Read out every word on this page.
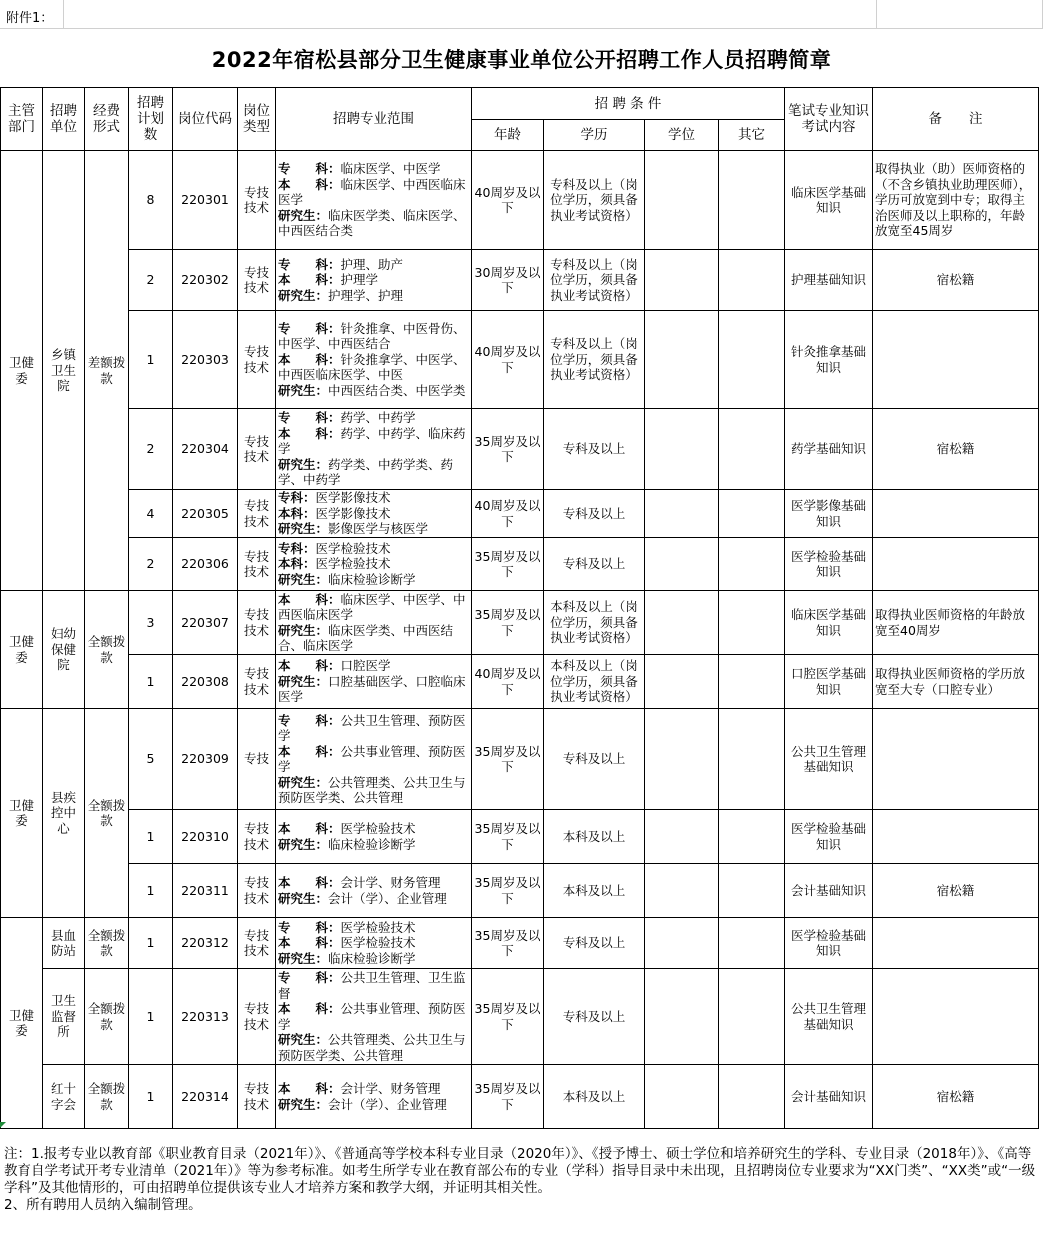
附件1：
2022年宿松县部分卫生健康事业单位公开招聘工作人员招聘简章
主管部门	招聘单位	经费形式	招聘计划数	岗位代码	岗位类型	招聘专业范围	招 聘 条 件				笔试专业知识考试内容	备　　注
							年龄	学历	学位	其它		
卫健委	乡镇卫生院	差额拨款	8	220301	专技技术	专　　科：临床医学、中医学
本　　科：临床医学、中西医临床医学
研究生：临床医学类、临床医学、中西医结合类	40周岁及以下	专科及以上（岗位学历，须具备执业考试资格）			临床医学基础知识	取得执业（助）医师资格的（不含乡镇执业助理医师），学历可放宽到中专；取得主治医师及以上职称的，年龄放宽至45周岁
			2	220302	专技技术	专　　科：护理、助产
本　　科：护理学
研究生：护理学、护理	30周岁及以下	专科及以上（岗位学历，须具备执业考试资格）			护理基础知识	宿松籍
			1	220303	专技技术	专　　科：针灸推拿、中医骨伤、中医学、中西医结合
本　　科：针灸推拿学、中医学、中西医临床医学、中医
研究生：中西医结合类、中医学类	40周岁及以下	专科及以上（岗位学历，须具备执业考试资格）			针灸推拿基础知识	
			2	220304	专技技术	专　　科：药学、中药学
本　　科：药学、中药学、临床药学
研究生：药学类、中药学类、药学、中药学	35周岁及以下	专科及以上			药学基础知识	宿松籍
			4	220305	专技技术	专科：医学影像技术
本科：医学影像技术
研究生：影像医学与核医学	40周岁及以下	专科及以上			医学影像基础知识	
			2	220306	专技技术	专科：医学检验技术
本科：医学检验技术
研究生：临床检验诊断学	35周岁及以下	专科及以上			医学检验基础知识	
卫健委	妇幼保健院	全额拨款	3	220307	专技技术	本　　科：临床医学、中医学、中西医临床医学
研究生：临床医学类、中西医结合、临床医学	35周岁及以下	本科及以上（岗位学历，须具备执业考试资格）			临床医学基础知识	取得执业医师资格的年龄放宽至40周岁
			1	220308	专技技术	本　　科：口腔医学
研究生：口腔基础医学、口腔临床医学	40周岁及以下	本科及以上（岗位学历，须具备执业考试资格）			口腔医学基础知识	取得执业医师资格的学历放宽至大专（口腔专业）
卫健委	县疾控中心	全额拨款	5	220309	专技	专　　科：公共卫生管理、预防医学
本　　科：公共事业管理、预防医学
研究生：公共管理类、公共卫生与预防医学类、公共管理	35周岁及以下	专科及以上			公共卫生管理基础知识	
			1	220310	专技技术	本　　科：医学检验技术
研究生：临床检验诊断学	35周岁及以下	本科及以上			医学检验基础知识	
			1	220311	专技技术	本　　科：会计学、财务管理
研究生：会计（学）、企业管理	35周岁及以下	本科及以上			会计基础知识	宿松籍
卫健委	县血防站	全额拨款	1	220312	专技技术	专　　科：医学检验技术
本　　科：医学检验技术
研究生：临床检验诊断学	35周岁及以下	专科及以上			医学检验基础知识	
	卫生监督所	全额拨款	1	220313	专技技术	专　　科：公共卫生管理、卫生监督
本　　科：公共事业管理、预防医学
研究生：公共管理类、公共卫生与预防医学类、公共管理	35周岁及以下	专科及以上			公共卫生管理基础知识	
	红十字会	全额拨款	1	220314	专技技术	本　　科：会计学、财务管理
研究生：会计（学）、企业管理	35周岁及以下	本科及以上			会计基础知识	宿松籍
注：1.报考专业以教育部《职业教育目录（2021年）》、《普通高等学校本科专业目录（2020年）》、《授予博士、硕士学位和培养研究生的学科、专业目录（2018年）》、《高等教育自学考试开考专业清单（2021年）》等为参考标准。如考生所学专业在教育部公布的专业（学科）指导目录中未出现，且招聘岗位专业要求为“XX门类”、“XX类”或“一级学科”及其他情形的，可由招聘单位提供该专业人才培养方案和教学大纲，并证明其相关性。
2、所有聘用人员纳入编制管理。
